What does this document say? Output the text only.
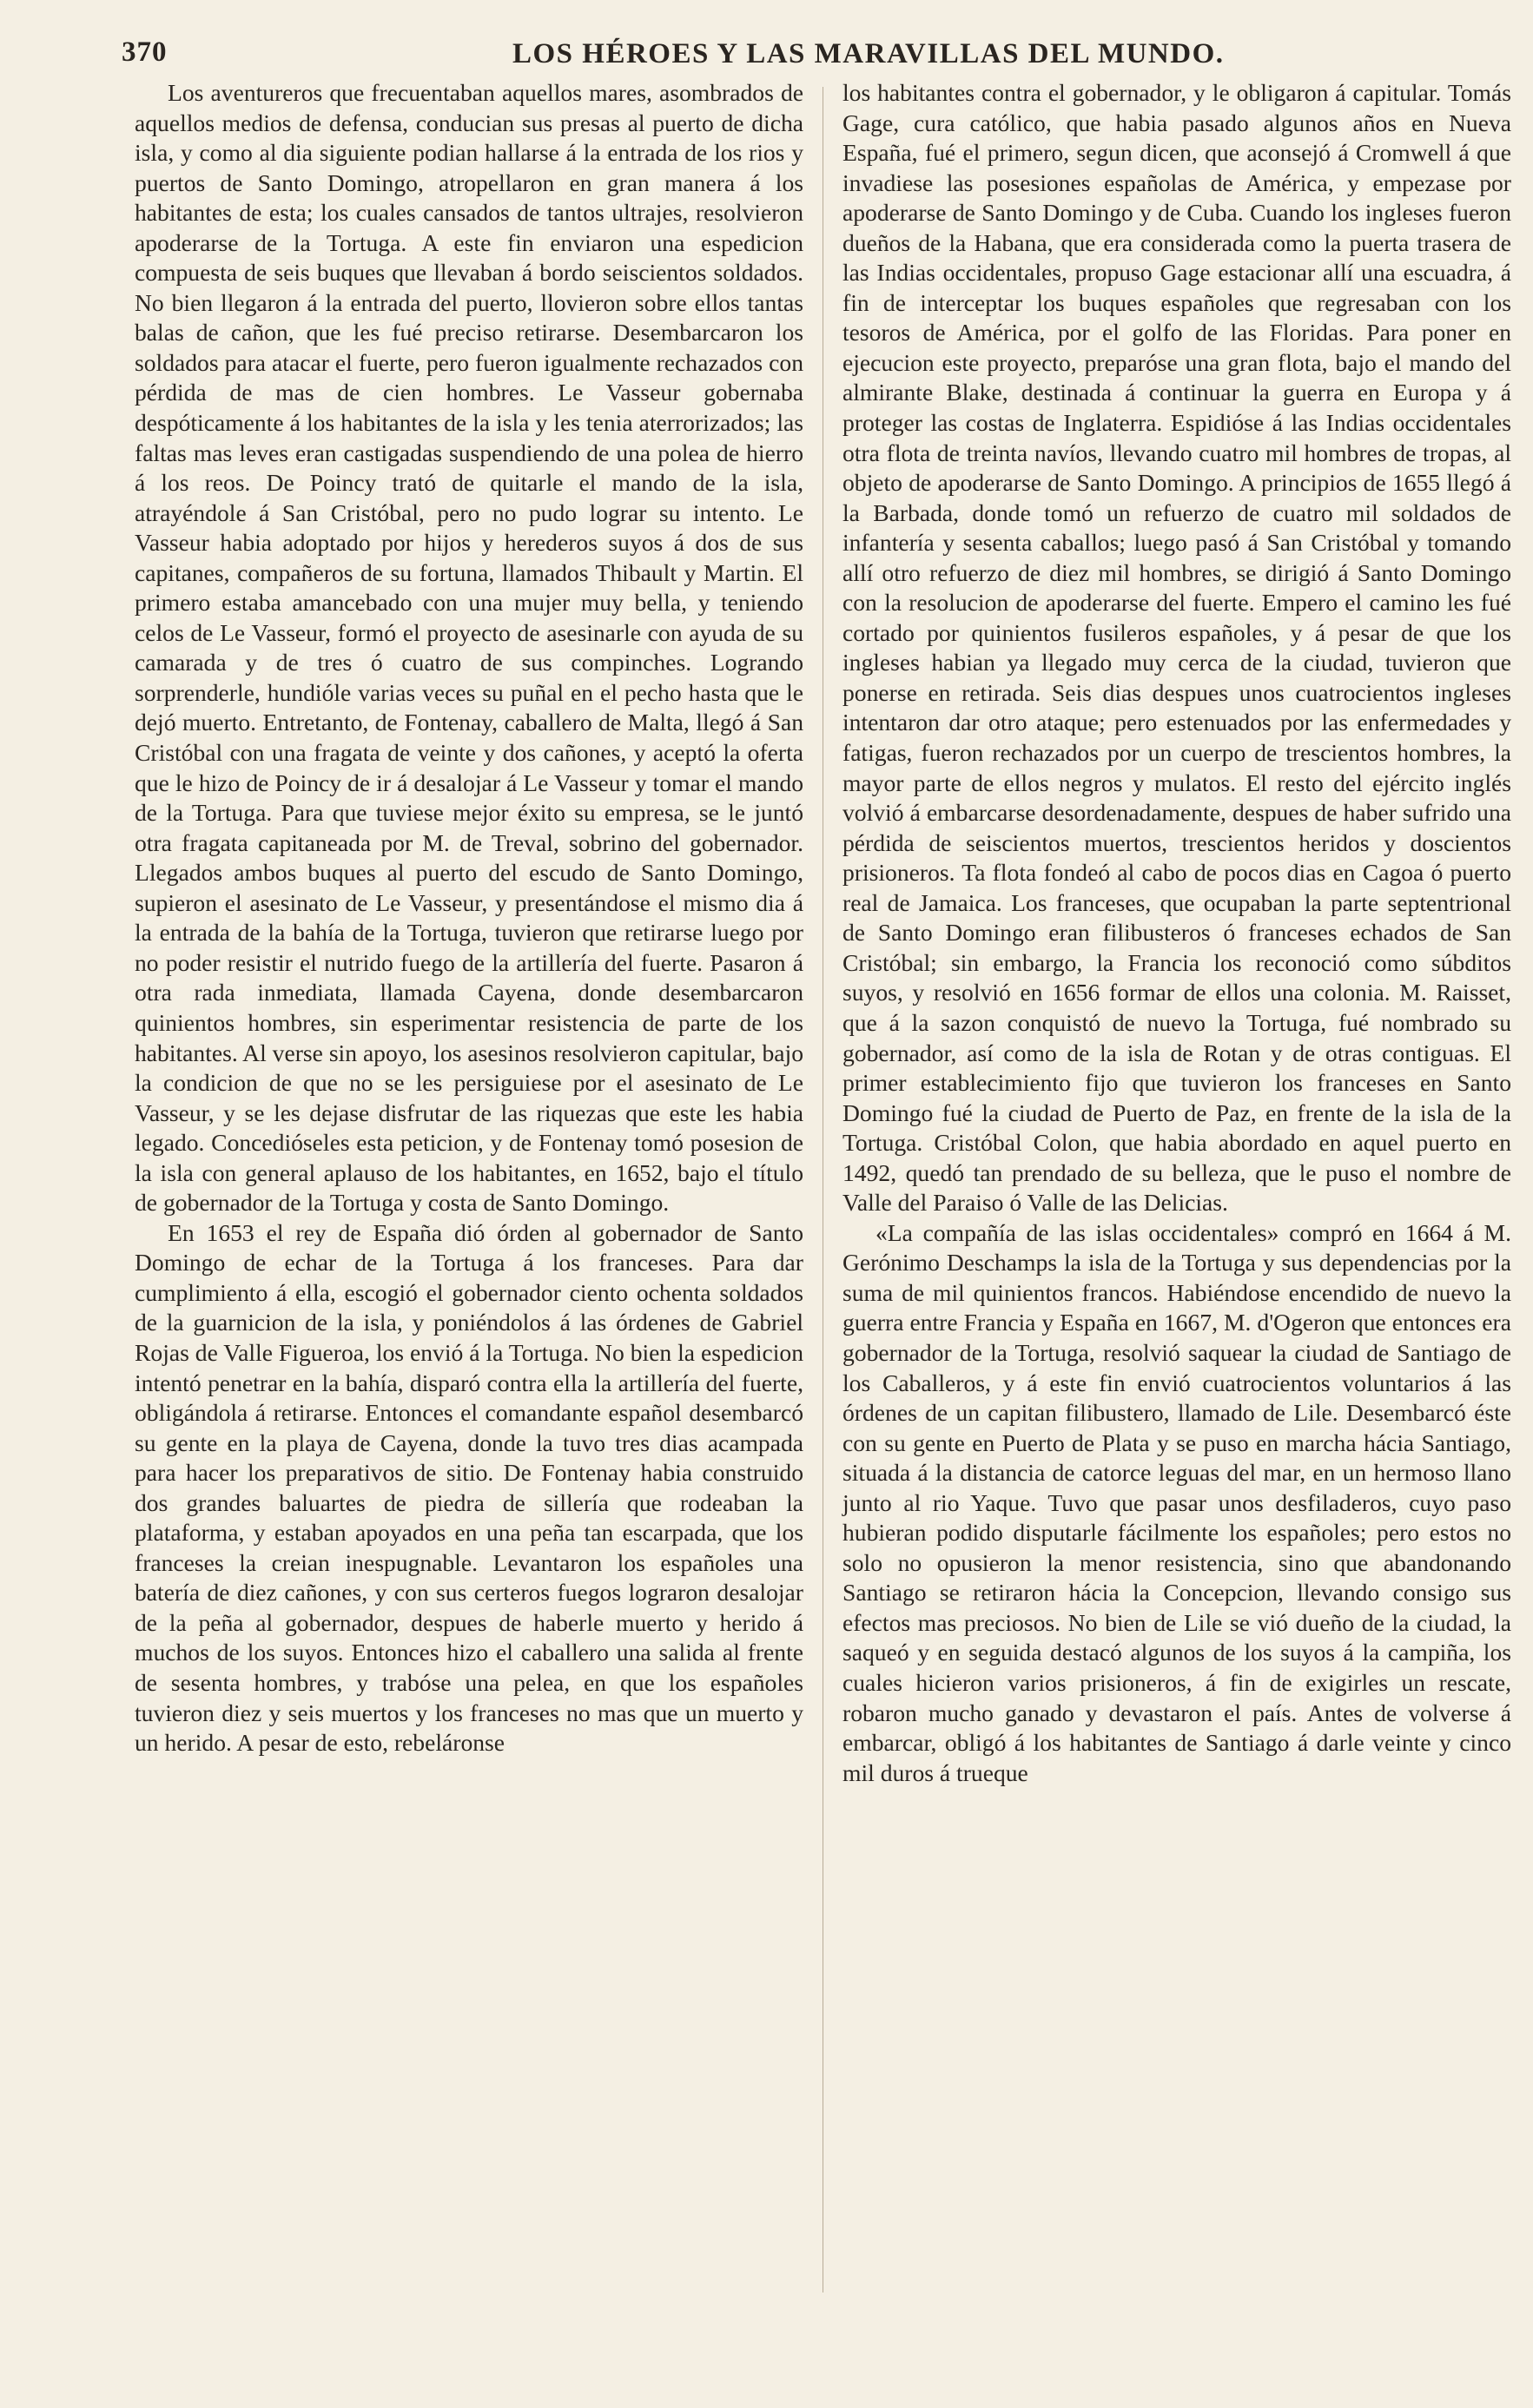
370	LOS HÉROES Y LAS MARAVILLAS DEL MUNDO.

Los aventureros que frecuentaban aquellos mares, asombrados de aquellos medios de defensa, conducian sus presas al puerto de dicha isla, y como al dia siguiente podian hallarse á la entrada de los rios y puertos de Santo Domingo, atropellaron en gran manera á los habitantes de esta; los cuales cansados de tantos ultrajes, resolvieron apoderarse de la Tortuga. A este fin enviaron una espedicion compuesta de seis buques que llevaban á bordo seiscientos soldados. No bien llegaron á la entrada del puerto, llovieron sobre ellos tantas balas de cañon, que les fué preciso retirarse. Desembarcaron los soldados para atacar el fuerte, pero fueron igualmente rechazados con pérdida de mas de cien hombres. Le Vasseur gobernaba despóticamente á los habitantes de la isla y les tenia aterrorizados; las faltas mas leves eran castigadas suspendiendo de una polea de hierro á los reos. De Poincy trató de quitarle el mando de la isla, atrayéndole á San Cristóbal, pero no pudo lograr su intento. Le Vasseur habia adoptado por hijos y herederos suyos á dos de sus capitanes, compañeros de su fortuna, llamados Thibault y Martin. El primero estaba amancebado con una mujer muy bella, y teniendo celos de Le Vasseur, formó el proyecto de asesinarle con ayuda de su camarada y de tres ó cuatro de sus compinches. Logrando sorprenderle, hundióle varias veces su puñal en el pecho hasta que le dejó muerto. Entretanto, de Fontenay, caballero de Malta, llegó á San Cristóbal con una fragata de veinte y dos cañones, y aceptó la oferta que le hizo de Poincy de ir á desalojar á Le Vasseur y tomar el mando de la Tortuga. Para que tuviese mejor éxito su empresa, se le juntó otra fragata capitaneada por M. de Treval, sobrino del gobernador. Llegados ambos buques al puerto del escudo de Santo Domingo, supieron el asesinato de Le Vasseur, y presentándose el mismo dia á la entrada de la bahía de la Tortuga, tuvieron que retirarse luego por no poder resistir el nutrido fuego de la artillería del fuerte. Pasaron á otra rada inmediata, llamada Cayena, donde desembarcaron quinientos hombres, sin esperimentar resistencia de parte de los habitantes. Al verse sin apoyo, los asesinos resolvieron capitular, bajo la condicion de que no se les persiguiese por el asesinato de Le Vasseur, y se les dejase disfrutar de las riquezas que este les habia legado. Concedióseles esta peticion, y de Fontenay tomó posesion de la isla con general aplauso de los habitantes, en 1652, bajo el título de gobernador de la Tortuga y costa de Santo Domingo.

En 1653 el rey de España dió órden al gobernador de Santo Domingo de echar de la Tortuga á los franceses. Para dar cumplimiento á ella, escogió el gobernador ciento ochenta soldados de la guarnicion de la isla, y poniéndolos á las órdenes de Gabriel Rojas de Valle Figueroa, los envió á la Tortuga. No bien la espedicion intentó penetrar en la bahía, disparó contra ella la artillería del fuerte, obligándola á retirarse. Entonces el comandante español desembarcó su gente en la playa de Cayena, donde la tuvo tres dias acampada para hacer los preparativos de sitio. De Fontenay habia construido dos grandes baluartes de piedra de sillería que rodeaban la plataforma, y estaban apoyados en una peña tan escarpada, que los franceses la creian inespugnable. Levantaron los españoles una batería de diez cañones, y con sus certeros fuegos lograron desalojar de la peña al gobernador, despues de haberle muerto y herido á muchos de los suyos. Entonces hizo el caballero una salida al frente de sesenta hombres, y trabóse una pelea, en que los españoles tuvieron diez y seis muertos y los franceses no mas que un muerto y un herido. A pesar de esto, rebeláronse

los habitantes contra el gobernador, y le obligaron á capitular. Tomás Gage, cura católico, que habia pasado algunos años en Nueva España, fué el primero, segun dicen, que aconsejó á Cromwell á que invadiese las posesiones españolas de América, y empezase por apoderarse de Santo Domingo y de Cuba. Cuando los ingleses fueron dueños de la Habana, que era considerada como la puerta trasera de las Indias occidentales, propuso Gage estacionar allí una escuadra, á fin de interceptar los buques españoles que regresaban con los tesoros de América, por el golfo de las Floridas. Para poner en ejecucion este proyecto, preparóse una gran flota, bajo el mando del almirante Blake, destinada á continuar la guerra en Europa y á proteger las costas de Inglaterra. Espidióse á las Indias occidentales otra flota de treinta navíos, llevando cuatro mil hombres de tropas, al objeto de apoderarse de Santo Domingo. A principios de 1655 llegó á la Barbada, donde tomó un refuerzo de cuatro mil soldados de infantería y sesenta caballos; luego pasó á San Cristóbal y tomando allí otro refuerzo de diez mil hombres, se dirigió á Santo Domingo con la resolucion de apoderarse del fuerte. Empero el camino les fué cortado por quinientos fusileros españoles, y á pesar de que los ingleses habian ya llegado muy cerca de la ciudad, tuvieron que ponerse en retirada. Seis dias despues unos cuatrocientos ingleses intentaron dar otro ataque; pero estenuados por las enfermedades y fatigas, fueron rechazados por un cuerpo de trescientos hombres, la mayor parte de ellos negros y mulatos. El resto del ejército inglés volvió á embarcarse desordenadamente, despues de haber sufrido una pérdida de seiscientos muertos, trescientos heridos y doscientos prisioneros. Ta flota fondeó al cabo de pocos dias en Cagoa ó puerto real de Jamaica. Los franceses, que ocupaban la parte septentrional de Santo Domingo eran filibusteros ó franceses echados de San Cristóbal; sin embargo, la Francia los reconoció como súbditos suyos, y resolvió en 1656 formar de ellos una colonia. M. Raisset, que á la sazon conquistó de nuevo la Tortuga, fué nombrado su gobernador, así como de la isla de Rotan y de otras contiguas. El primer establecimiento fijo que tuvieron los franceses en Santo Domingo fué la ciudad de Puerto de Paz, en frente de la isla de la Tortuga. Cristóbal Colon, que habia abordado en aquel puerto en 1492, quedó tan prendado de su belleza, que le puso el nombre de Valle del Paraiso ó Valle de las Delicias.

«La compañía de las islas occidentales» compró en 1664 á M. Gerónimo Deschamps la isla de la Tortuga y sus dependencias por la suma de mil quinientos francos. Habiéndose encendido de nuevo la guerra entre Francia y España en 1667, M. d'Ogeron que entonces era gobernador de la Tortuga, resolvió saquear la ciudad de Santiago de los Caballeros, y á este fin envió cuatrocientos voluntarios á las órdenes de un capitan filibustero, llamado de Lile. Desembarcó éste con su gente en Puerto de Plata y se puso en marcha hácia Santiago, situada á la distancia de catorce leguas del mar, en un hermoso llano junto al rio Yaque. Tuvo que pasar unos desfiladeros, cuyo paso hubieran podido disputarle fácilmente los españoles; pero estos no solo no opusieron la menor resistencia, sino que abandonando Santiago se retiraron hácia la Concepcion, llevando consigo sus efectos mas preciosos. No bien de Lile se vió dueño de la ciudad, la saqueó y en seguida destacó algunos de los suyos á la campiña, los cuales hicieron varios prisioneros, á fin de exigirles un rescate, robaron mucho ganado y devastaron el país. Antes de volverse á embarcar, obligó á los habitantes de Santiago á darle veinte y cinco mil duros á trueque
